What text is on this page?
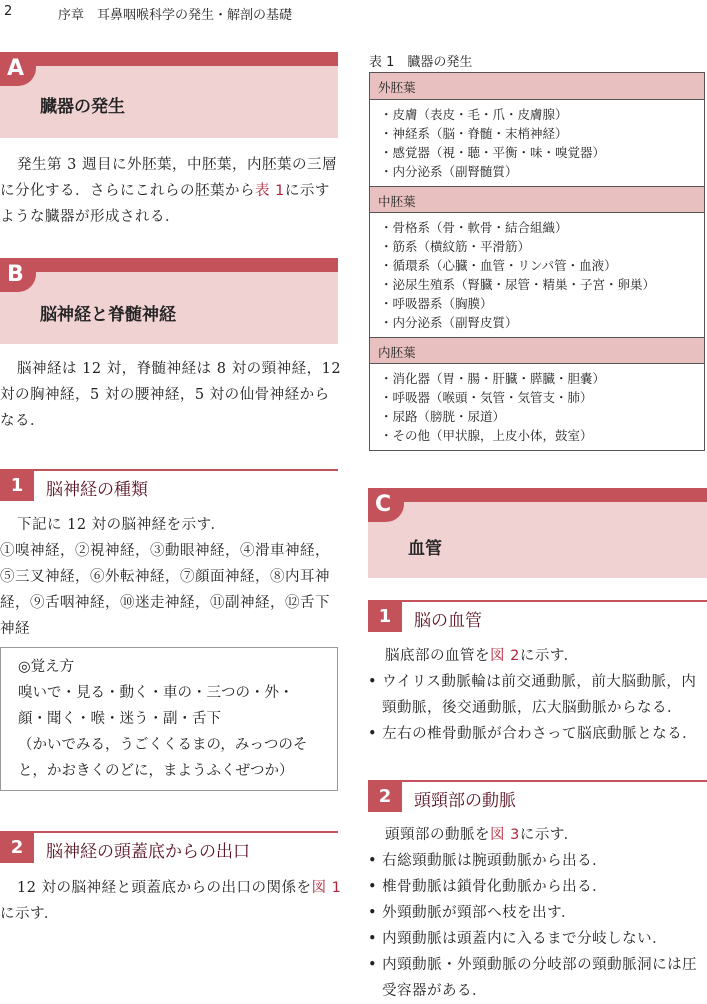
2	序章　耳鼻咽喉科学の発生・解剖の基礎
A
臓器の発生
発生第 3 週目に外胚葉，中胚葉，内胚葉の三層
に分化する．さらにこれらの胚葉から表 1に示す
ような臓器が形成される．
B
脳神経と脊髄神経
脳神経は 12 対，脊髄神経は 8 対の頸神経，12
対の胸神経，5 対の腰神経，5 対の仙骨神経から
なる．
1	脳神経の種類
下記に 12 対の脳神経を示す．
①嗅神経，②視神経，③動眼神経，④滑車神経，
⑤三叉神経，⑥外転神経，⑦顔面神経，⑧内耳神
経，⑨舌咽神経，⑩迷走神経，⑪副神経，⑫舌下
神経
◎覚え方
嗅いで・見る・動く・車の・三つの・外・
顔・聞く・喉・迷う・副・舌下
（かいでみる，うごくくるまの，みっつのそ
と，かおきくのどに，まようふくぜつか）
2	脳神経の頭蓋底からの出口
12 対の脳神経と頭蓋底からの出口の関係を図 1
に示す．
表 1　臓器の発生
外胚葉
・皮膚（表皮・毛・爪・皮膚腺）
・神経系（脳・脊髄・末梢神経）
・感覚器（視・聴・平衡・味・嗅覚器）
・内分泌系（副腎髄質）
中胚葉
・骨格系（骨・軟骨・結合組織）
・筋系（横紋筋・平滑筋）
・循環系（心臓・血管・リンパ管・血液）
・泌尿生殖系（腎臓・尿管・精巣・子宮・卵巣）
・呼吸器系（胸膜）
・内分泌系（副腎皮質）
内胚葉
・消化器（胃・腸・肝臓・膵臓・胆嚢）
・呼吸器（喉頭・気管・気管支・肺）
・尿路（膀胱・尿道）
・その他（甲状腺，上皮小体，鼓室）
C
血管
1	脳の血管
脳底部の血管を図 2に示す．
• ウイリス動脈輪は前交通動脈，前大脳動脈，内頸動脈，後交通動脈，広大脳動脈からなる．
• 左右の椎骨動脈が合わさって脳底動脈となる．
2	頭頸部の動脈
頭頸部の動脈を図 3に示す．
• 右総頸動脈は腕頭動脈から出る．
• 椎骨動脈は鎖骨化動脈から出る．
• 外頸動脈が頸部へ枝を出す．
• 内頸動脈は頭蓋内に入るまで分岐しない．
• 内頸動脈・外頸動脈の分岐部の頸動脈洞には圧受容器がある．
